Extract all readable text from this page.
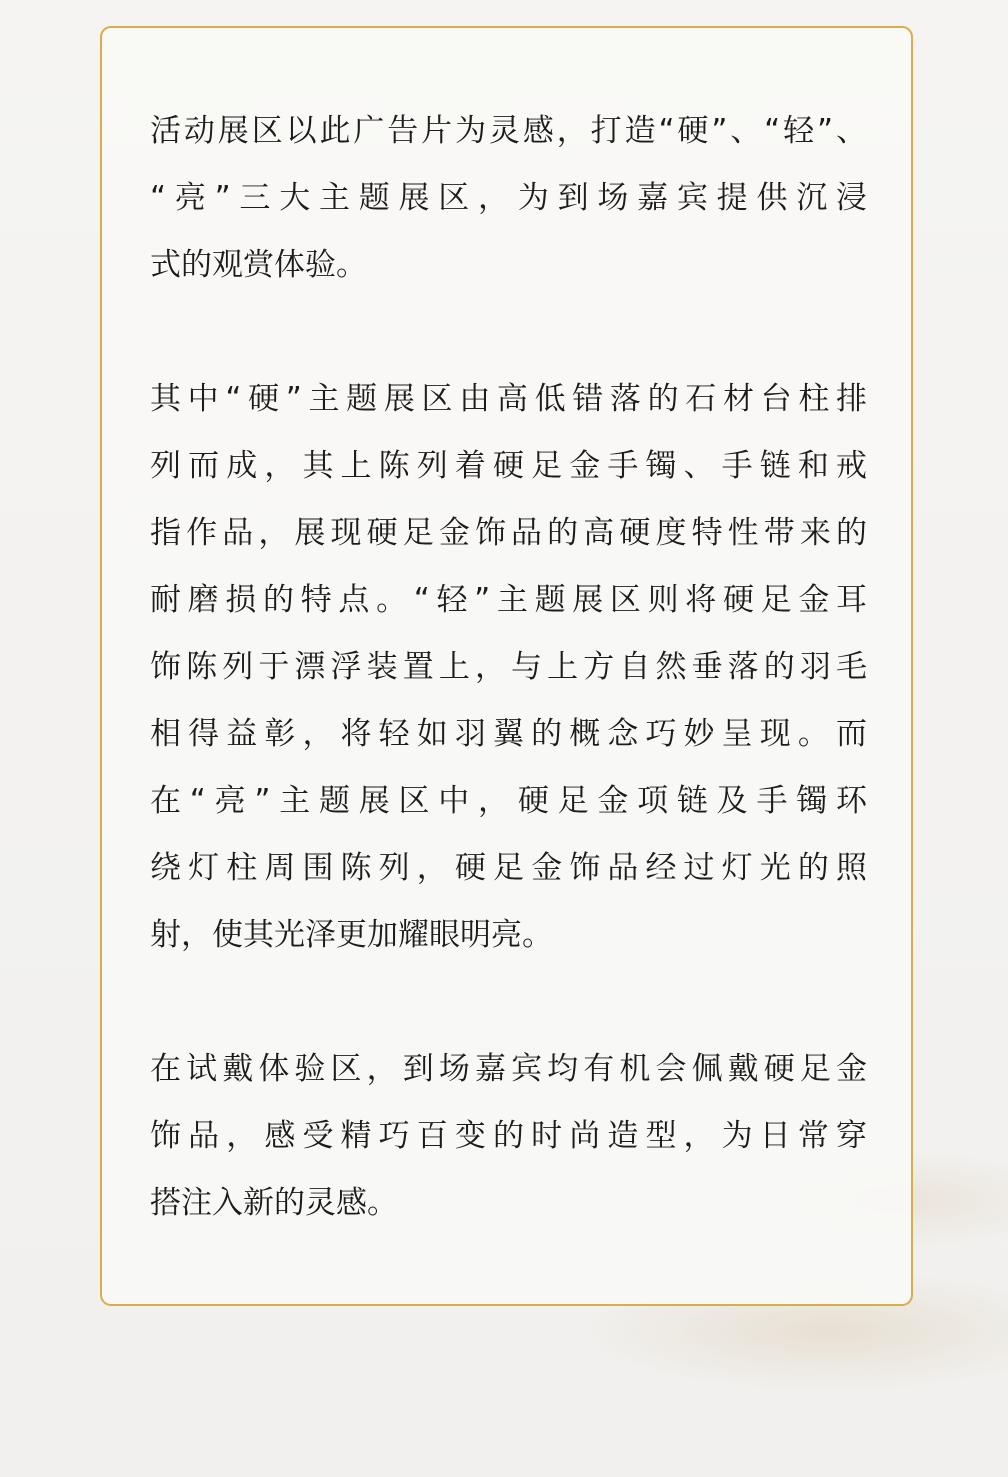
活动展区以此广告片为灵感，打造“硬”、“轻”、
“亮”三大主题展区，为到场嘉宾提供沉浸
式的观赏体验。
其中“硬”主题展区由高低错落的石材台柱排
列而成，其上陈列着硬足金手镯、手链和戒
指作品，展现硬足金饰品的高硬度特性带来的
耐磨损的特点。“轻”主题展区则将硬足金耳
饰陈列于漂浮装置上，与上方自然垂落的羽毛
相得益彰，将轻如羽翼的概念巧妙呈现。而
在“亮”主题展区中，硬足金项链及手镯环
绕灯柱周围陈列，硬足金饰品经过灯光的照
射，使其光泽更加耀眼明亮。
在试戴体验区，到场嘉宾均有机会佩戴硬足金
饰品，感受精巧百变的时尚造型，为日常穿
搭注入新的灵感。
